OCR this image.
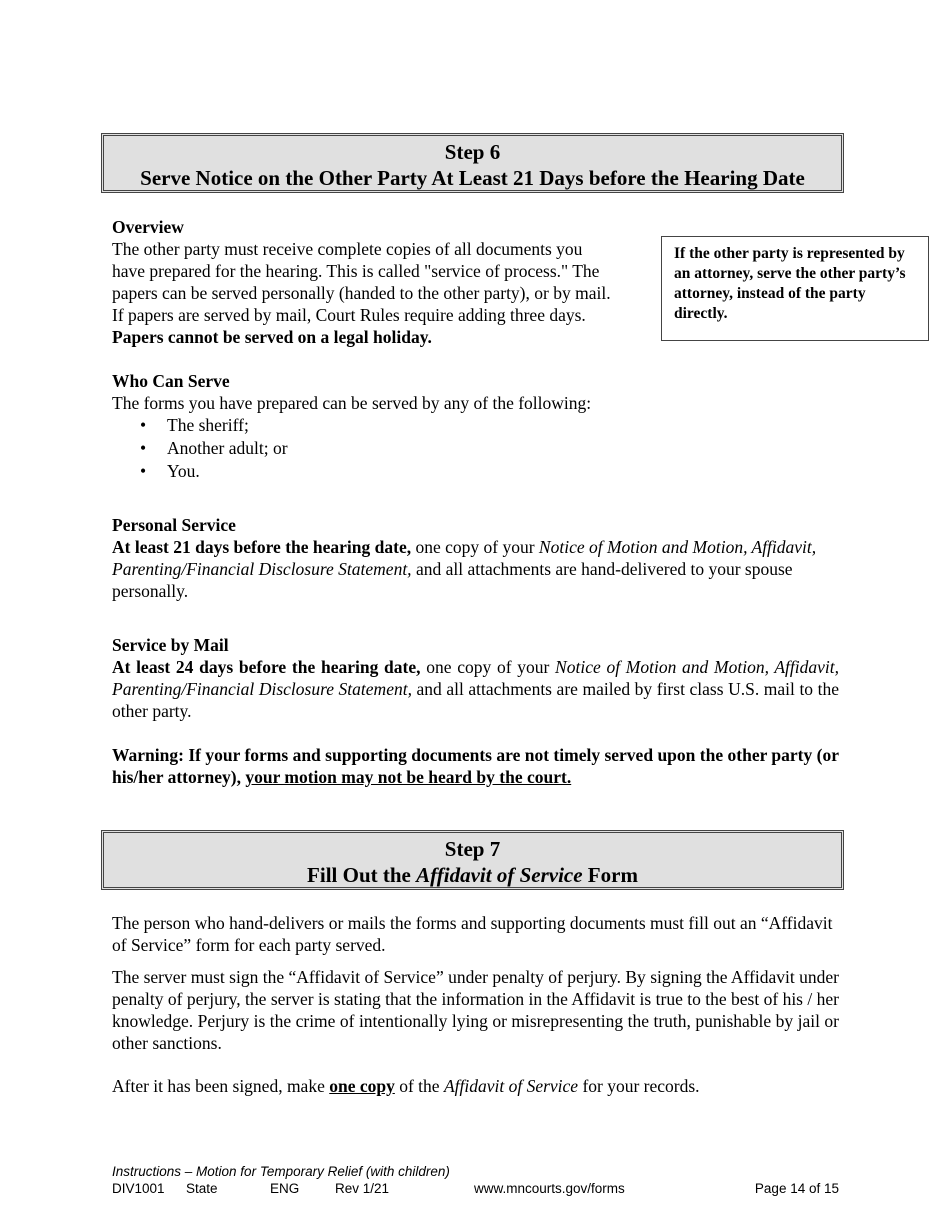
Step 6
Serve Notice on the Other Party At Least 21 Days before the Hearing Date
Overview
The other party must receive complete copies of all documents you
have prepared for the hearing. This is called "service of process." The
papers can be served personally (handed to the other party), or by mail.
If papers are served by mail, Court Rules require adding three days.
Papers cannot be served on a legal holiday.
If the other party is represented by an attorney, serve the other party’s attorney, instead of the party directly.
Who Can Serve
The forms you have prepared can be served by any of the following:
• The sheriff;
• Another adult; or
• You.
Personal Service
At least 21 days before the hearing date, one copy of your Notice of Motion and Motion, Affidavit, Parenting/Financial Disclosure Statement, and all attachments are hand-delivered to your spouse personally.
Service by Mail
At least 24 days before the hearing date, one copy of your Notice of Motion and Motion, Affidavit, Parenting/Financial Disclosure Statement, and all attachments are mailed by first class U.S. mail to the other party.
Warning: If your forms and supporting documents are not timely served upon the other party (or his/her attorney), your motion may not be heard by the court.
Step 7
Fill Out the Affidavit of Service Form
The person who hand-delivers or mails the forms and supporting documents must fill out an “Affidavit of Service” form for each party served.
The server must sign the “Affidavit of Service” under penalty of perjury. By signing the Affidavit under penalty of perjury, the server is stating that the information in the Affidavit is true to the best of his / her knowledge. Perjury is the crime of intentionally lying or misrepresenting the truth, punishable by jail or other sanctions.
After it has been signed, make one copy of the Affidavit of Service for your records.
Instructions – Motion for Temporary Relief (with children)
DIV1001 State	ENG	Rev 1/21	www.mncourts.gov/forms	Page 14 of 15
